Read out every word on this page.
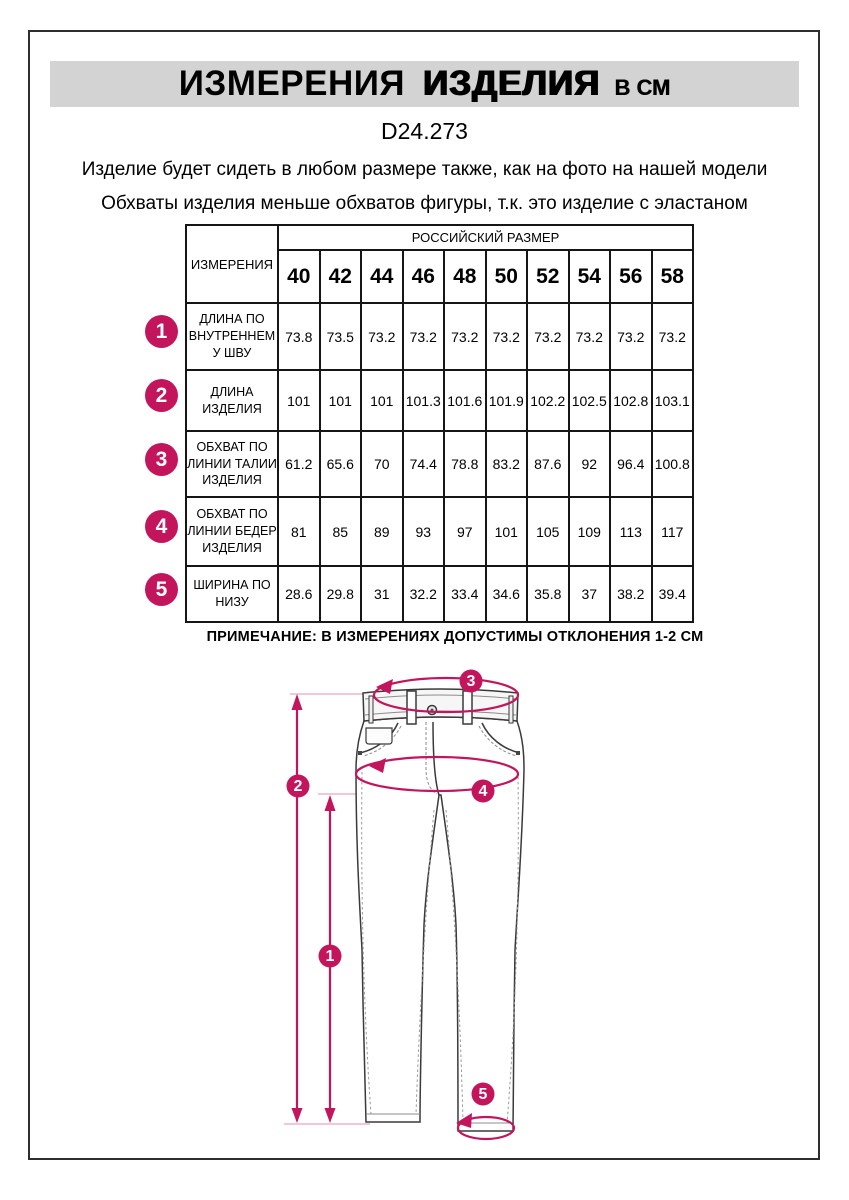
ИЗМЕРЕНИЯ ИЗДЕЛИЯ В СМ
D24.273
Изделие будет сидеть в любом размере также, как на фото на нашей модели
Обхваты изделия меньше обхватов фигуры, т.к. это изделие с эластаном
ИЗМЕРЕНИЯ	РОССИЙСКИЙ РАЗМЕР									
	40	42	44	46	48	50	52	54	56	58
ДЛИНА ПО ВНУТРЕННЕМУ ШВУ	73.8	73.5	73.2	73.2	73.2	73.2	73.2	73.2	73.2	73.2
ДЛИНА ИЗДЕЛИЯ	101	101	101	101.3	101.6	101.9	102.2	102.5	102.8	103.1
ОБХВАТ ПО ЛИНИИ ТАЛИИ ИЗДЕЛИЯ	61.2	65.6	70	74.4	78.8	83.2	87.6	92	96.4	100.8
ОБХВАТ ПО ЛИНИИ БЕДЕР ИЗДЕЛИЯ	81	85	89	93	97	101	105	109	113	117
ШИРИНА ПО НИЗУ	28.6	29.8	31	32.2	33.4	34.6	35.8	37	38.2	39.4
1
2
3
4
5
ПРИМЕЧАНИЕ: В ИЗМЕРЕНИЯХ ДОПУСТИМЫ ОТКЛОНЕНИЯ 1-2 СМ
3
2	4
1
5
